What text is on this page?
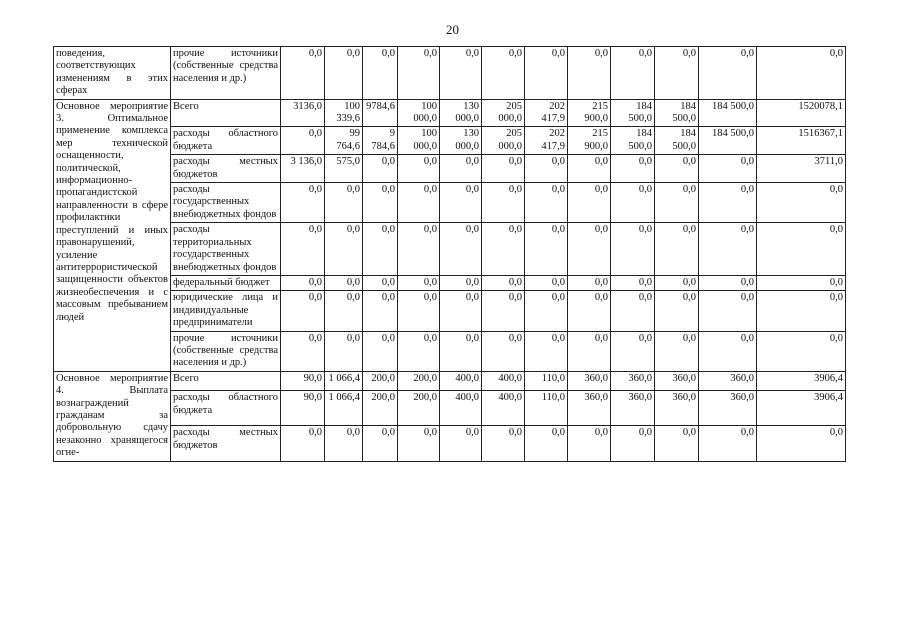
20
поведения, соответствующих изменениям в этих сферах	прочие источники (собственные средства населения и др.)	0,0	0,0	0,0	0,0	0,0	0,0	0,0	0,0	0,0	0,0	0,0	0,0
Основное мероприятие 3. Оптимальное применение комплекса мер технической оснащенности, политической, информационно-пропагандистской направленности в сфере профилактики преступлений и иных правонарушений, усиление антитеррористической защищенности объектов жизнеобеспечения и с массовым пребыванием людей	Всего	3136,0	100 339,6	9784,6	100 000,0	130 000,0	205 000,0	202 417,9	215 900,0	184 500,0	184 500,0	184 500,0	1520078,1
	расходы областного бюджета	0,0	99 764,6	9 784,6	100 000,0	130 000,0	205 000,0	202 417,9	215 900,0	184 500,0	184 500,0	184 500,0	1516367,1
	расходы местных бюджетов	3 136,0	575,0	0,0	0,0	0,0	0,0	0,0	0,0	0,0	0,0	0,0	3711,0
	расходы государственных внебюджетных фондов	0,0	0,0	0,0	0,0	0,0	0,0	0,0	0,0	0,0	0,0	0,0	0,0
	расходы территориальных государственных внебюджетных фондов	0,0	0,0	0,0	0,0	0,0	0,0	0,0	0,0	0,0	0,0	0,0	0,0
	федеральный бюджет	0,0	0,0	0,0	0,0	0,0	0,0	0,0	0,0	0,0	0,0	0,0	0,0
	юридические лица и индивидуальные предприниматели	0,0	0,0	0,0	0,0	0,0	0,0	0,0	0,0	0,0	0,0	0,0	0,0
	прочие источники (собственные средства населения и др.)	0,0	0,0	0,0	0,0	0,0	0,0	0,0	0,0	0,0	0,0	0,0	0,0
Основное мероприятие 4. Выплата вознаграждений гражданам за добровольную сдачу незаконно хранящегося огне-	Всего	90,0	1 066,4	200,0	200,0	400,0	400,0	110,0	360,0	360,0	360,0	360,0	3906,4
	расходы областного бюджета	90,0	1 066,4	200,0	200,0	400,0	400,0	110,0	360,0	360,0	360,0	360,0	3906,4
	расходы местных бюджетов	0,0	0,0	0,0	0,0	0,0	0,0	0,0	0,0	0,0	0,0	0,0	0,0
